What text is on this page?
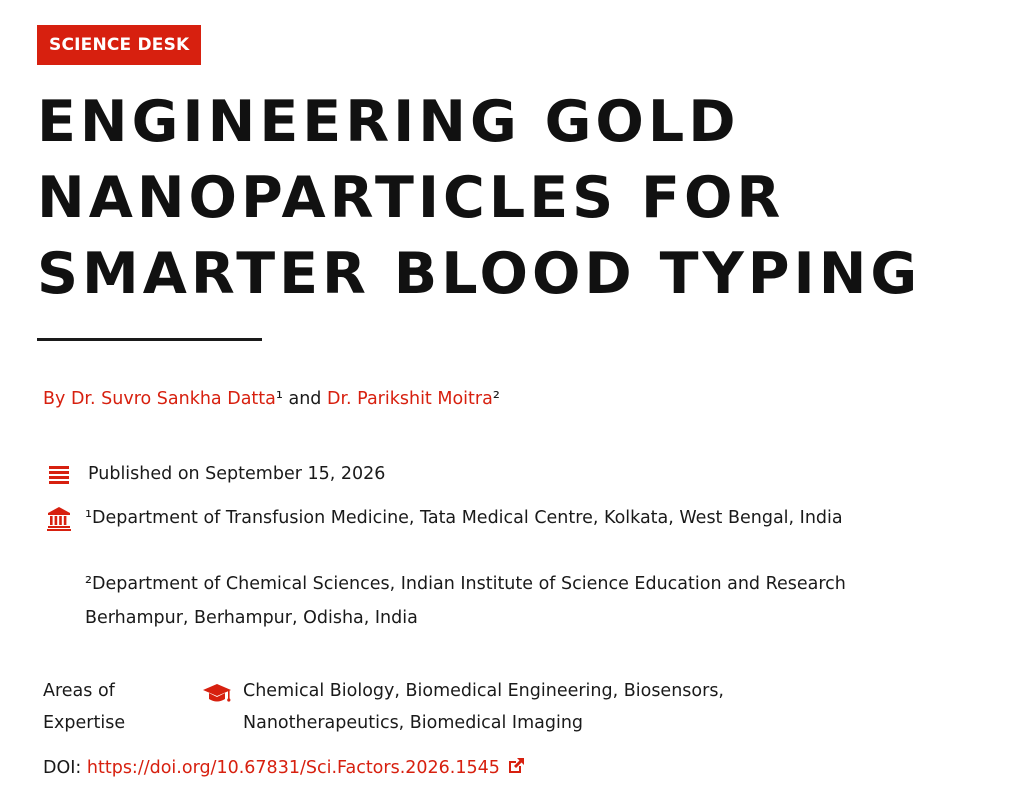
SCIENCE DESK
ENGINEERING GOLD
NANOPARTICLES FOR
SMARTER BLOOD TYPING
By Dr. Suvro Sankha Datta¹ and Dr. Parikshit Moitra²
Published on September 15, 2026
¹Department of Transfusion Medicine, Tata Medical Centre, Kolkata, West Bengal, India
²Department of Chemical Sciences, Indian Institute of Science Education and Research
Berhampur, Berhampur, Odisha, India
Areas of
Expertise
Chemical Biology, Biomedical Engineering, Biosensors,
Nanotherapeutics, Biomedical Imaging
DOI: https://doi.org/10.67831/Sci.Factors.2026.1545
